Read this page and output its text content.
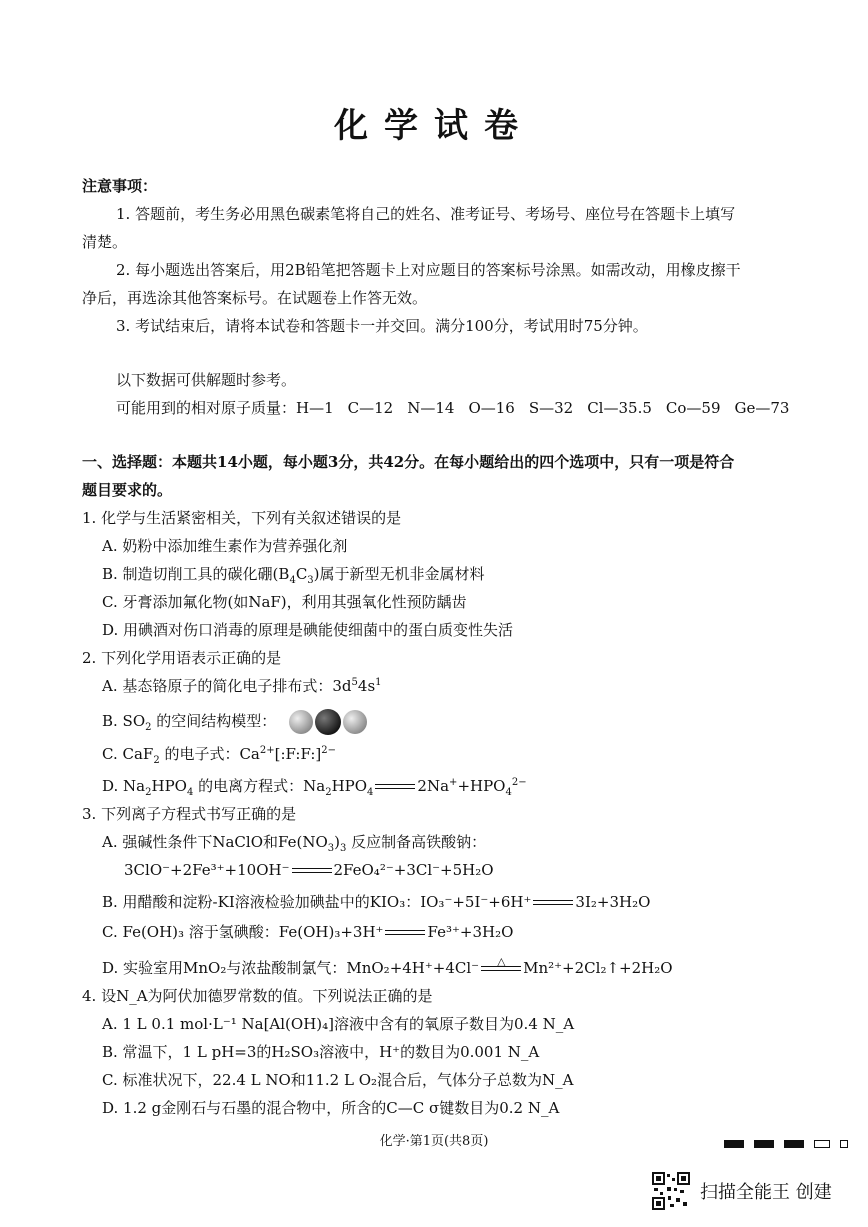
化学试卷
注意事项：
1. 答题前，考生务必用黑色碳素笔将自己的姓名、准考证号、考场号、座位号在答题卡上填写
清楚。
2. 每小题选出答案后，用2B铅笔把答题卡上对应题目的答案标号涂黑。如需改动，用橡皮擦干
净后，再选涂其他答案标号。在试题卷上作答无效。
3. 考试结束后，请将本试卷和答题卡一并交回。满分100分，考试用时75分钟。
以下数据可供解题时参考。
可能用到的相对原子质量：H—1 C—12 N—14 O—16 S—32 Cl—35.5 Co—59 Ge—73
一、选择题：本题共14小题，每小题3分，共42分。在每小题给出的四个选项中，只有一项是符合
题目要求的。
1. 化学与生活紧密相关，下列有关叙述错误的是
A. 奶粉中添加维生素作为营养强化剂
B. 制造切削工具的碳化硼$(B_4C_3)$属于新型无机非金属材料
C. 牙膏添加氟化物(如NaF)，利用其强氧化性预防龋齿
D. 用碘酒对伤口消毒的原理是碘能使细菌中的蛋白质变性失活
2. 下列化学用语表示正确的是
A. 基态铬原子的简化电子排布式：$3d^54s^1$
B. $SO_2$ 的空间结构模型：
C. CaF$_2$ 的电子式：$Ca^{2+}[:F:F:]^{2-}$
D. $Na_2HPO_4$ 的电离方程式：$Na_2HPO_4$	$2Na^++HPO_4^{2-}$
3. 下列离子方程式书写正确的是
A. 强碱性条件下NaClO和$Fe(NO_3)_3$ 反应制备高铁酸钠：
3ClO⁻+2Fe³⁺+10OH⁻	2FeO₄²⁻+3Cl⁻+5H₂O
B. 用醋酸和淀粉-KI溶液检验加碘盐中的KIO₃：IO₃⁻+5I⁻+6H⁺	3I₂+3H₂O
C. Fe(OH)₃ 溶于氢碘酸：Fe(OH)₃+3H⁺	Fe³⁺+3H₂O
D. 实验室用MnO₂与浓盐酸制氯气：MnO₂+4H⁺+4Cl⁻ △ Mn²⁺+2Cl₂↑+2H₂O
4. 设N_A为阿伏加德罗常数的值。下列说法正确的是
A. 1 L 0.1 mol·L⁻¹ Na[Al(OH)₄]溶液中含有的氧原子数目为0.4 N_A
B. 常温下，1 L pH=3的H₂SO₃溶液中，H⁺的数目为0.001 N_A
C. 标准状况下，22.4 L NO和11.2 L O₂混合后，气体分子总数为N_A
D. 1.2 g金刚石与石墨的混合物中，所含的C—C σ键数目为0.2 N_A
化学·第1页(共8页)
扫描全能王 创建
